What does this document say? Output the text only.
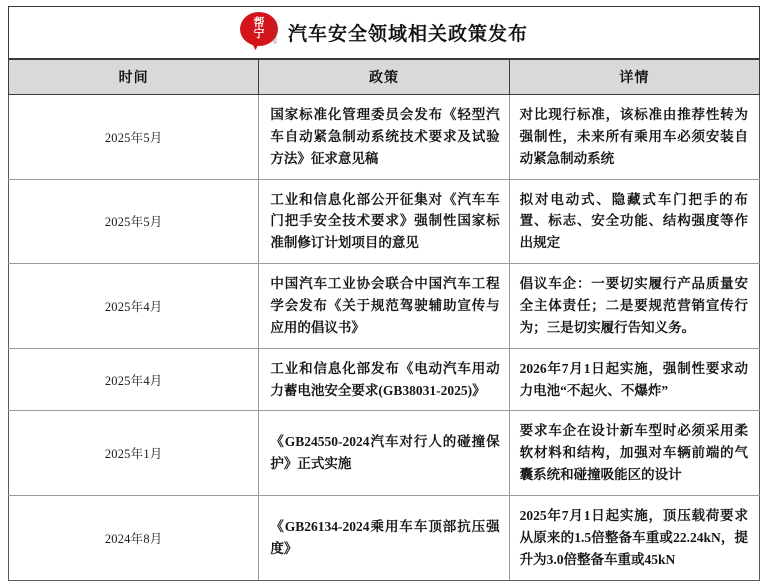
帮
宁 汽车行业观察 汽车安全领域相关政策发布		

时间	政策	详情
2025年5月	国家标准化管理委员会发布《轻型汽车自动紧急制动系统技术要求及试验方法》征求意见稿	对比现行标准，该标准由推荐性转为强制性，未来所有乘用车必须安装自动紧急制动系统
2025年5月	工业和信息化部公开征集对《汽车车门把手安全技术要求》强制性国家标准制修订计划项目的意见	拟对电动式、隐藏式车门把手的布置、标志、安全功能、结构强度等作出规定
2025年4月	中国汽车工业协会联合中国汽车工程学会发布《关于规范驾驶辅助宣传与应用的倡议书》	倡议车企：一要切实履行产品质量安全主体责任；二是要规范营销宣传行为；三是切实履行告知义务。
2025年4月	工业和信息化部发布《电动汽车用动力蓄电池安全要求(GB38031-2025)》	2026年7月1日起实施，强制性要求动力电池“不起火、不爆炸”
2025年1月	《GB24550-2024汽车对行人的碰撞保护》正式实施	要求车企在设计新车型时必须采用柔软材料和结构，加强对车辆前端的气囊系统和碰撞吸能区的设计
2024年8月	《GB26134-2024乘用车车顶部抗压强度》	2025年7月1日起实施，顶压载荷要求从原来的1.5倍整备车重或22.24kN，提升为3.0倍整备车重或45kN
